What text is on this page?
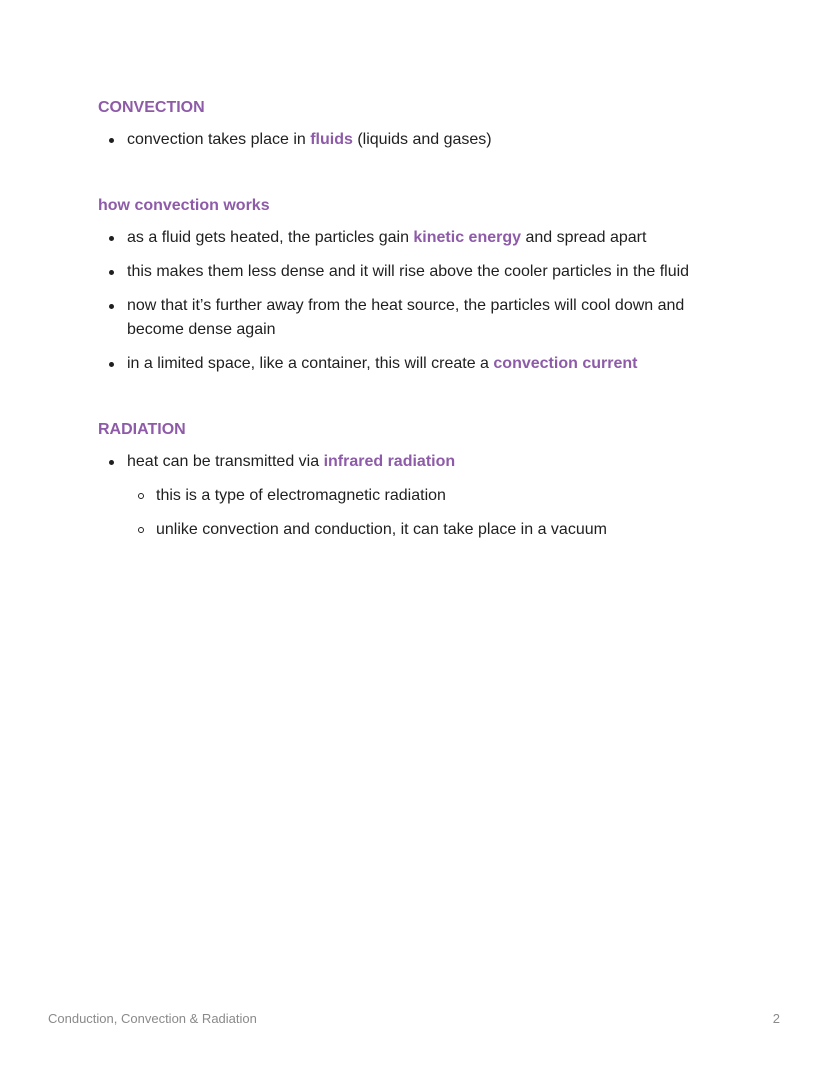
CONVECTION
convection takes place in fluids (liquids and gases)
how convection works
as a fluid gets heated, the particles gain kinetic energy and spread apart
this makes them less dense and it will rise above the cooler particles in the fluid
now that it’s further away from the heat source, the particles will cool down and become dense again
in a limited space, like a container, this will create a convection current
RADIATION
heat can be transmitted via infrared radiation
this is a type of electromagnetic radiation
unlike convection and conduction, it can take place in a vacuum
Conduction, Convection & Radiation	2
